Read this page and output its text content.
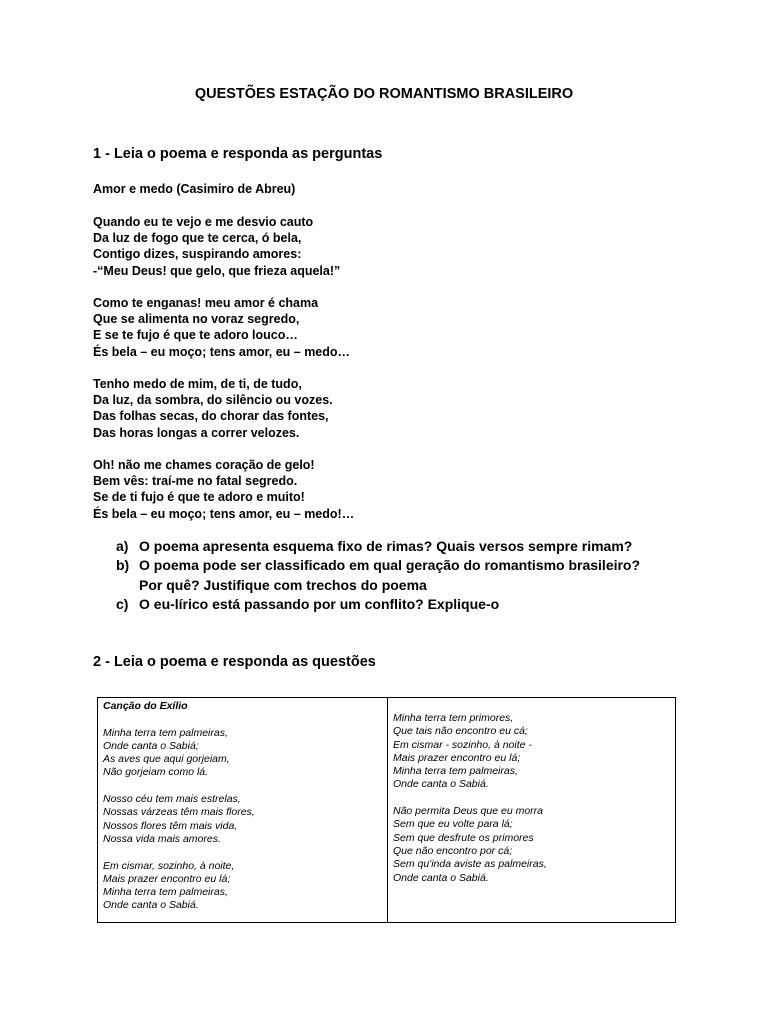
QUESTÕES ESTAÇÃO DO ROMANTISMO BRASILEIRO
1 - Leia o poema e responda as perguntas
Amor e medo (Casimiro de Abreu)
Quando eu te vejo e me desvio cauto
Da luz de fogo que te cerca, ó bela,
Contigo dizes, suspirando amores:
-“Meu Deus! que gelo, que frieza aquela!”
Como te enganas! meu amor é chama
Que se alimenta no voraz segredo,
E se te fujo é que te adoro louco…
És bela – eu moço; tens amor, eu – medo…
Tenho medo de mim, de ti, de tudo,
Da luz, da sombra, do silêncio ou vozes.
Das folhas secas, do chorar das fontes,
Das horas longas a correr velozes.
Oh! não me chames coração de gelo!
Bem vês: traí-me no fatal segredo.
Se de ti fujo é que te adoro e muito!
És bela – eu moço; tens amor, eu – medo!…
a) O poema apresenta esquema fixo de rimas? Quais versos sempre rimam?
b) O poema pode ser classificado em qual geração do romantismo brasileiro? Por quê? Justifique com trechos do poema
c) O eu-lírico está passando por um conflito? Explique-o
2 - Leia o poema e responda as questões
Canção do Exílio
Minha terra tem palmeiras,
Onde canta o Sabiá;
As aves que aqui gorjeiam,
Não gorjeiam como lá.
Nosso céu tem mais estrelas,
Nossas várzeas têm mais flores,
Nossos flores têm mais vida,
Nossa vida mais amores.
Em cismar, sozinho, à noite,
Mais prazer encontro eu lá;
Minha terra tem palmeiras,
Onde canta o Sabiá.
Minha terra tem primores,
Que tais não encontro eu cá;
Em cismar - sozinho, à noite -
Mais prazer encontro eu lá;
Minha terra tem palmeiras,
Onde canta o Sabiá.
Não permita Deus que eu morra
Sem que eu volte para lá;
Sem que desfrute os primores
Que não encontro por cá;
Sem qu'inda aviste as palmeiras,
Onde canta o Sabiá.
